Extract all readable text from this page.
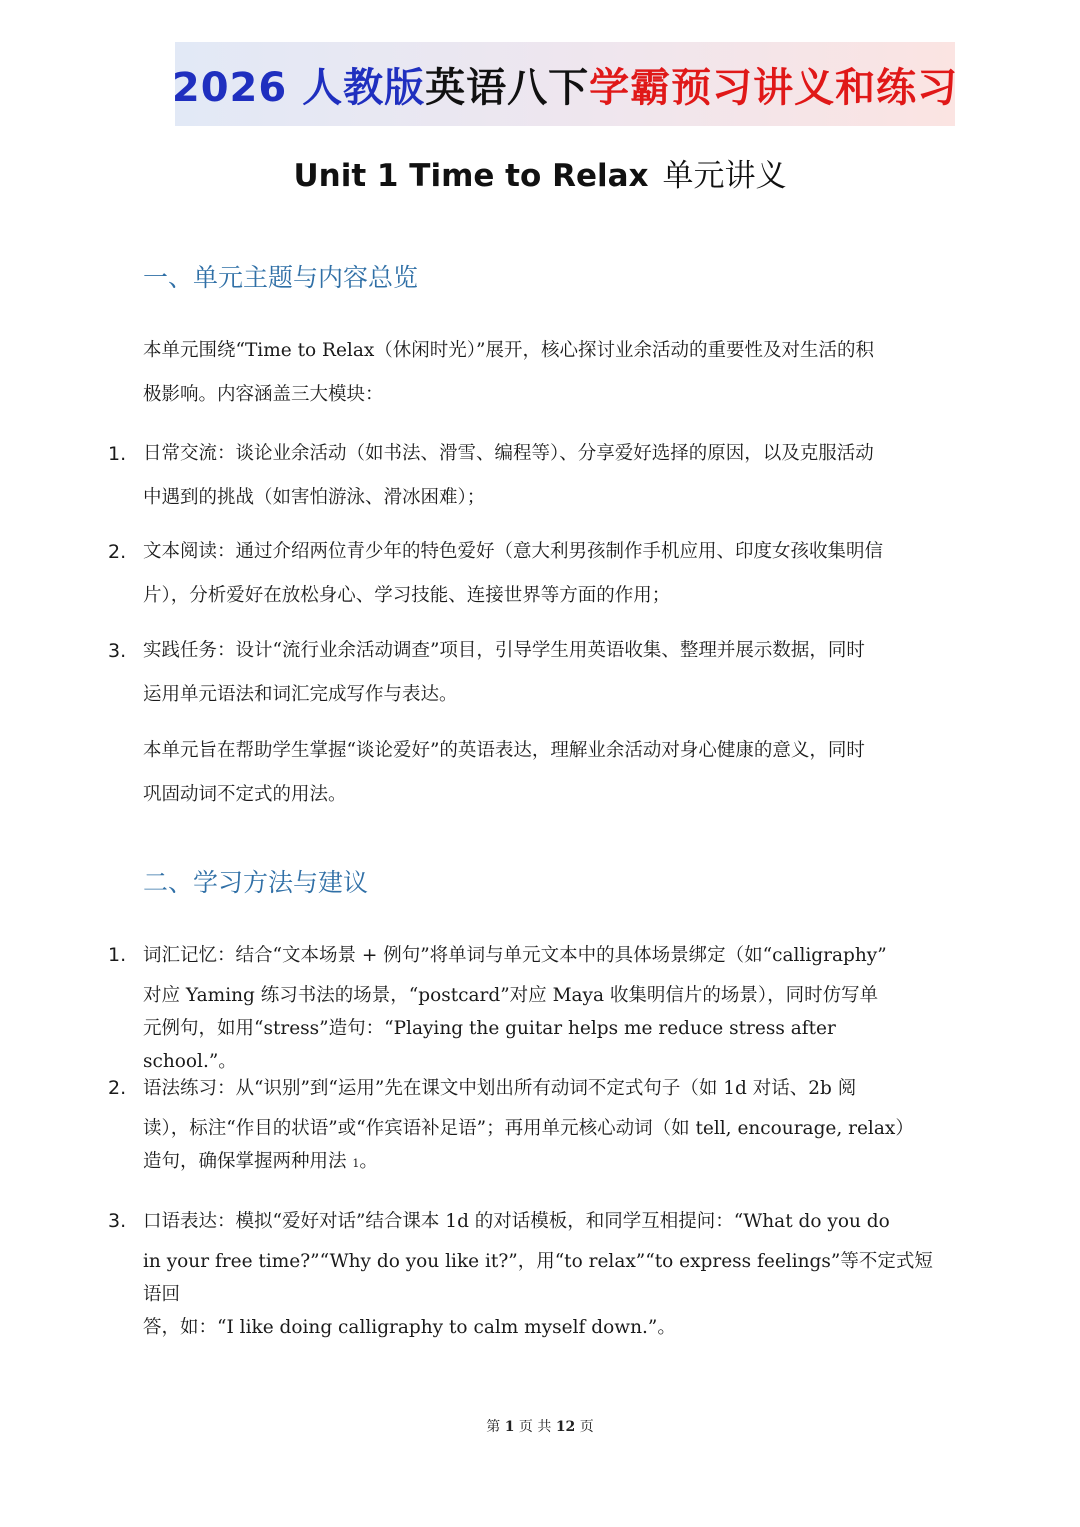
2026 人教版 英语八下 学霸预习讲义和练习
Unit 1 Time to Relax 单元讲义
一、单元主题与内容总览

本单元围绕“Time to Relax（休闲时光）”展开，核心探讨业余活动的重要性及对生活的积
极影响。内容涵盖三大模块：

1. 日常交流：谈论业余活动（如书法、滑雪、编程等）、分享爱好选择的原因，以及克服活动
中遇到的挑战（如害怕游泳、滑冰困难）；
2. 文本阅读：通过介绍两位青少年的特色爱好（意大利男孩制作手机应用、印度女孩收集明信
片），分析爱好在放松身心、学习技能、连接世界等方面的作用；
3. 实践任务：设计“流行业余活动调查”项目，引导学生用英语收集、整理并展示数据，同时
运用单元语法和词汇完成写作与表达。

本单元旨在帮助学生掌握“谈论爱好”的英语表达，理解业余活动对身心健康的意义，同时
巩固动词不定式的用法。

二、学习方法与建议
1. 词汇记忆：结合“文本场景 + 例句”将单词与单元文本中的具体场景绑定（如“calligraphy”
对应 Yaming 练习书法的场景，“postcard”对应 Maya 收集明信片的场景），同时仿写单
元例句，如用“stress”造句：“Playing the guitar helps me reduce stress after school.”。
2. 语法练习：从“识别”到“运用”先在课文中划出所有动词不定式句子（如 1d 对话、2b 阅
读），标注“作目的状语”或“作宾语补足语”；再用单元核心动词（如 tell, encourage, relax）
造句，确保掌握两种用法 1。
3. 口语表达：模拟“爱好对话”结合课本 1d 的对话模板，和同学互相提问：“What do you do
in your free time?”“Why do you like it?”，用“to relax”“to express feelings”等不定式短语回
答，如：“I like doing calligraphy to calm myself down.”。
第 1 页 共 12 页
